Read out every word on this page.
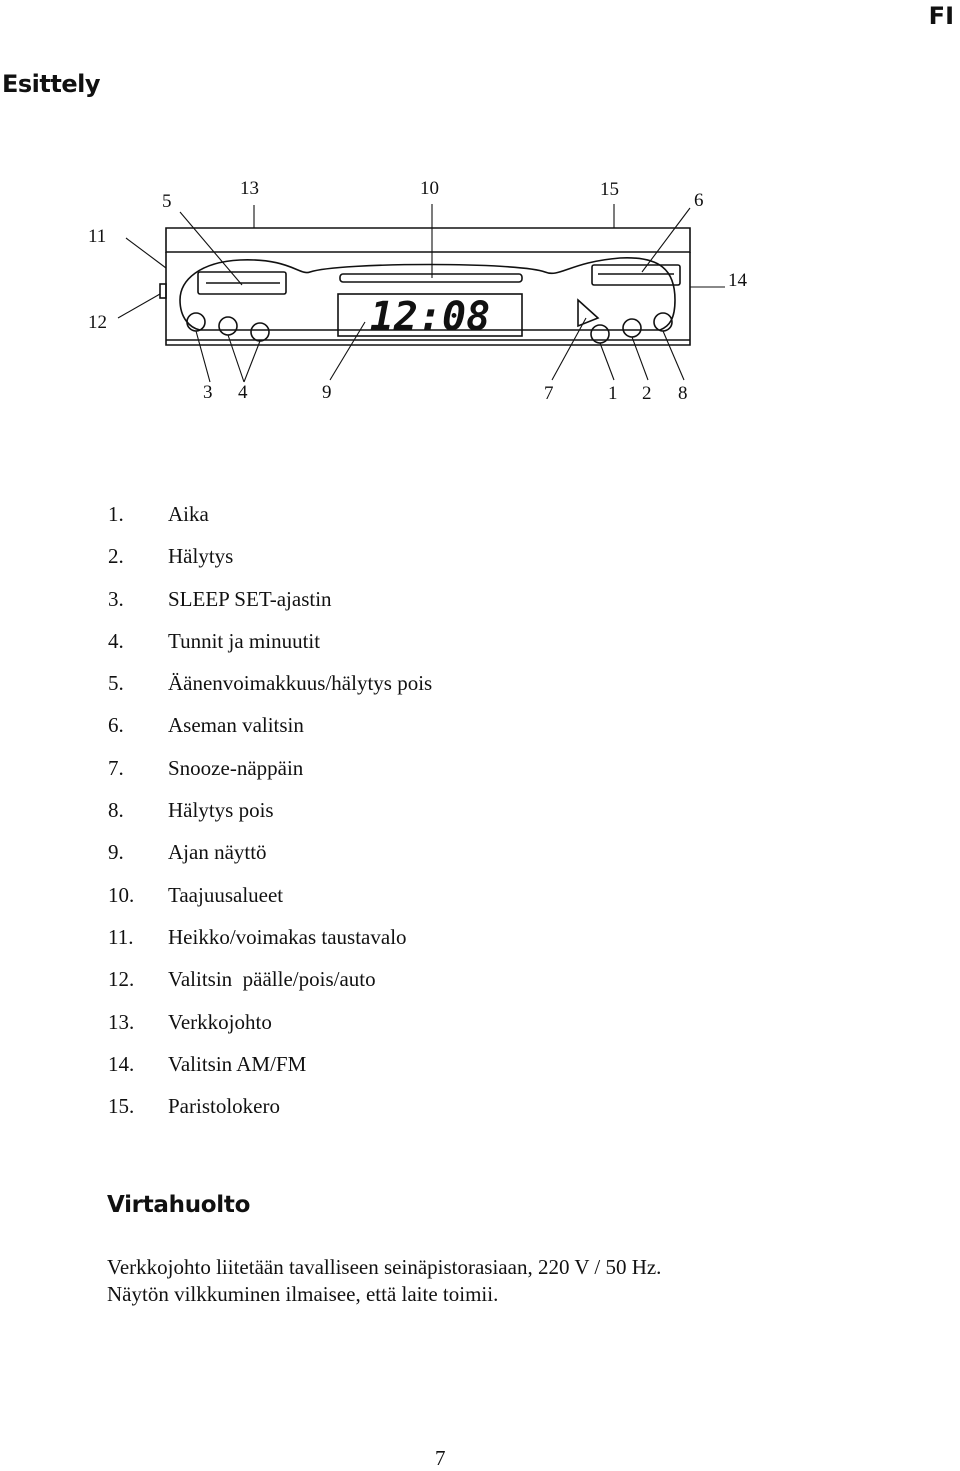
FI
Esittely
12:08
11
5
13	10	15
6
14
12
3 4	9	7	1 2 8
1.	Aika
2.	Hälytys
3.	SLEEP SET-ajastin
4.	Tunnit ja minuutit
5.	Äänenvoimakkuus/hälytys pois
6.	Aseman valitsin
7.	Snooze-näppäin
8.	Hälytys pois
9.	Ajan näyttö
10.	Taajuusalueet
11.	Heikko/voimakas taustavalo
12.	Valitsin  päälle/pois/auto
13.	Verkkojohto
14.	Valitsin AM/FM
15.	Paristolokero
Virtahuolto

Verkkojohto liitetään tavalliseen seinäpistorasiaan, 220 V / 50 Hz.
Näytön vilkkuminen ilmaisee, että laite toimii.

7
